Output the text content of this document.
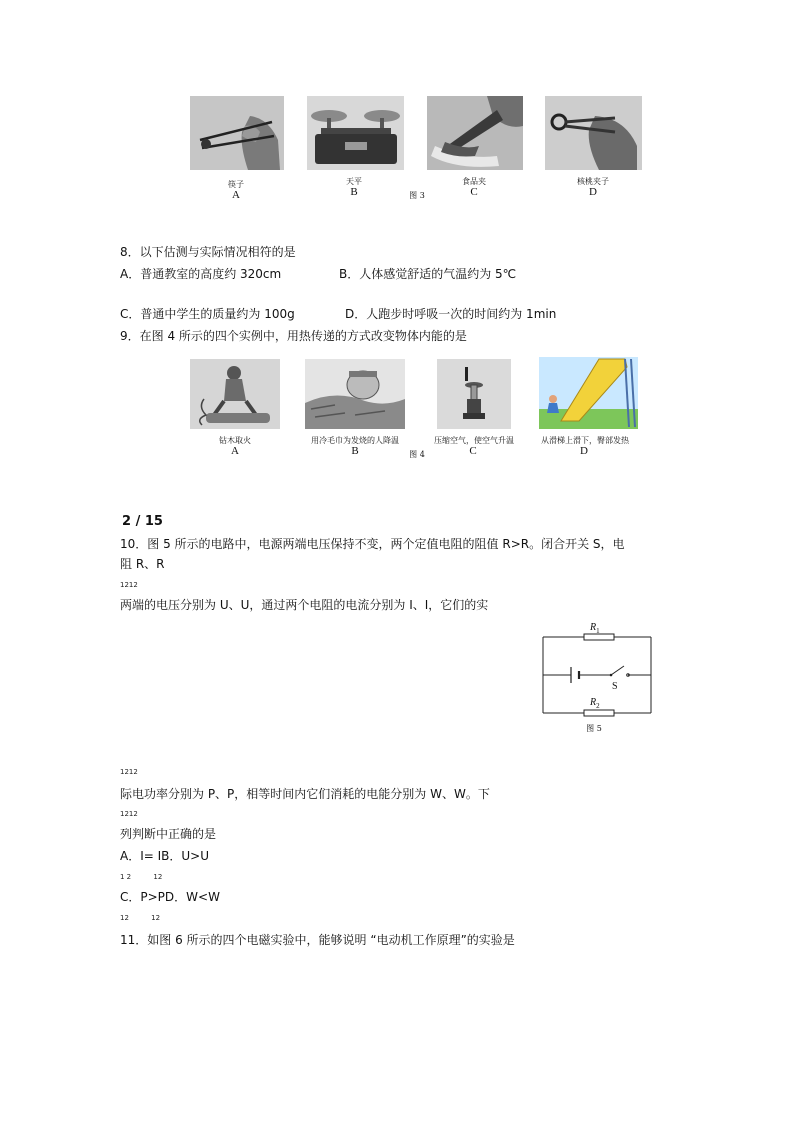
筷子
A
天平
B
食品夹
C
核桃夹子
D
图 3
8．以下估测与实际情况相符的是
A．普通教室的高度约 320cm	B．人体感觉舒适的气温约为 5℃
C．普通中学生的质量约为 100g	D．人跑步时呼吸一次的时间约为 1min
9．在图 4 所示的四个实例中，用热传递的方式改变物体内能的是
钻木取火
A
用冷毛巾为发烧的人降温
B
压缩空气，使空气升温
C
从滑梯上滑下，臀部发热
D
图 4
2 / 15
10．图 5 所示的电路中，电源两端电压保持不变，两个定值电阻的阻值 R>R。闭合开关 S，电
阻 R、R
1212
两端的电压分别为 U、U，通过两个电阻的电流分别为 I、I，它们的实
$R_1$
$R_2$
S
图 5
1212
际电功率分别为 P、P，相等时间内它们消耗的电能分别为 W、W。下
1212
列判断中正确的是
A．I= IB．U>U
1 2          12
C．P>PD．W<W
12          12
11．如图 6 所示的四个电磁实验中，能够说明 “电动机工作原理”的实验是
